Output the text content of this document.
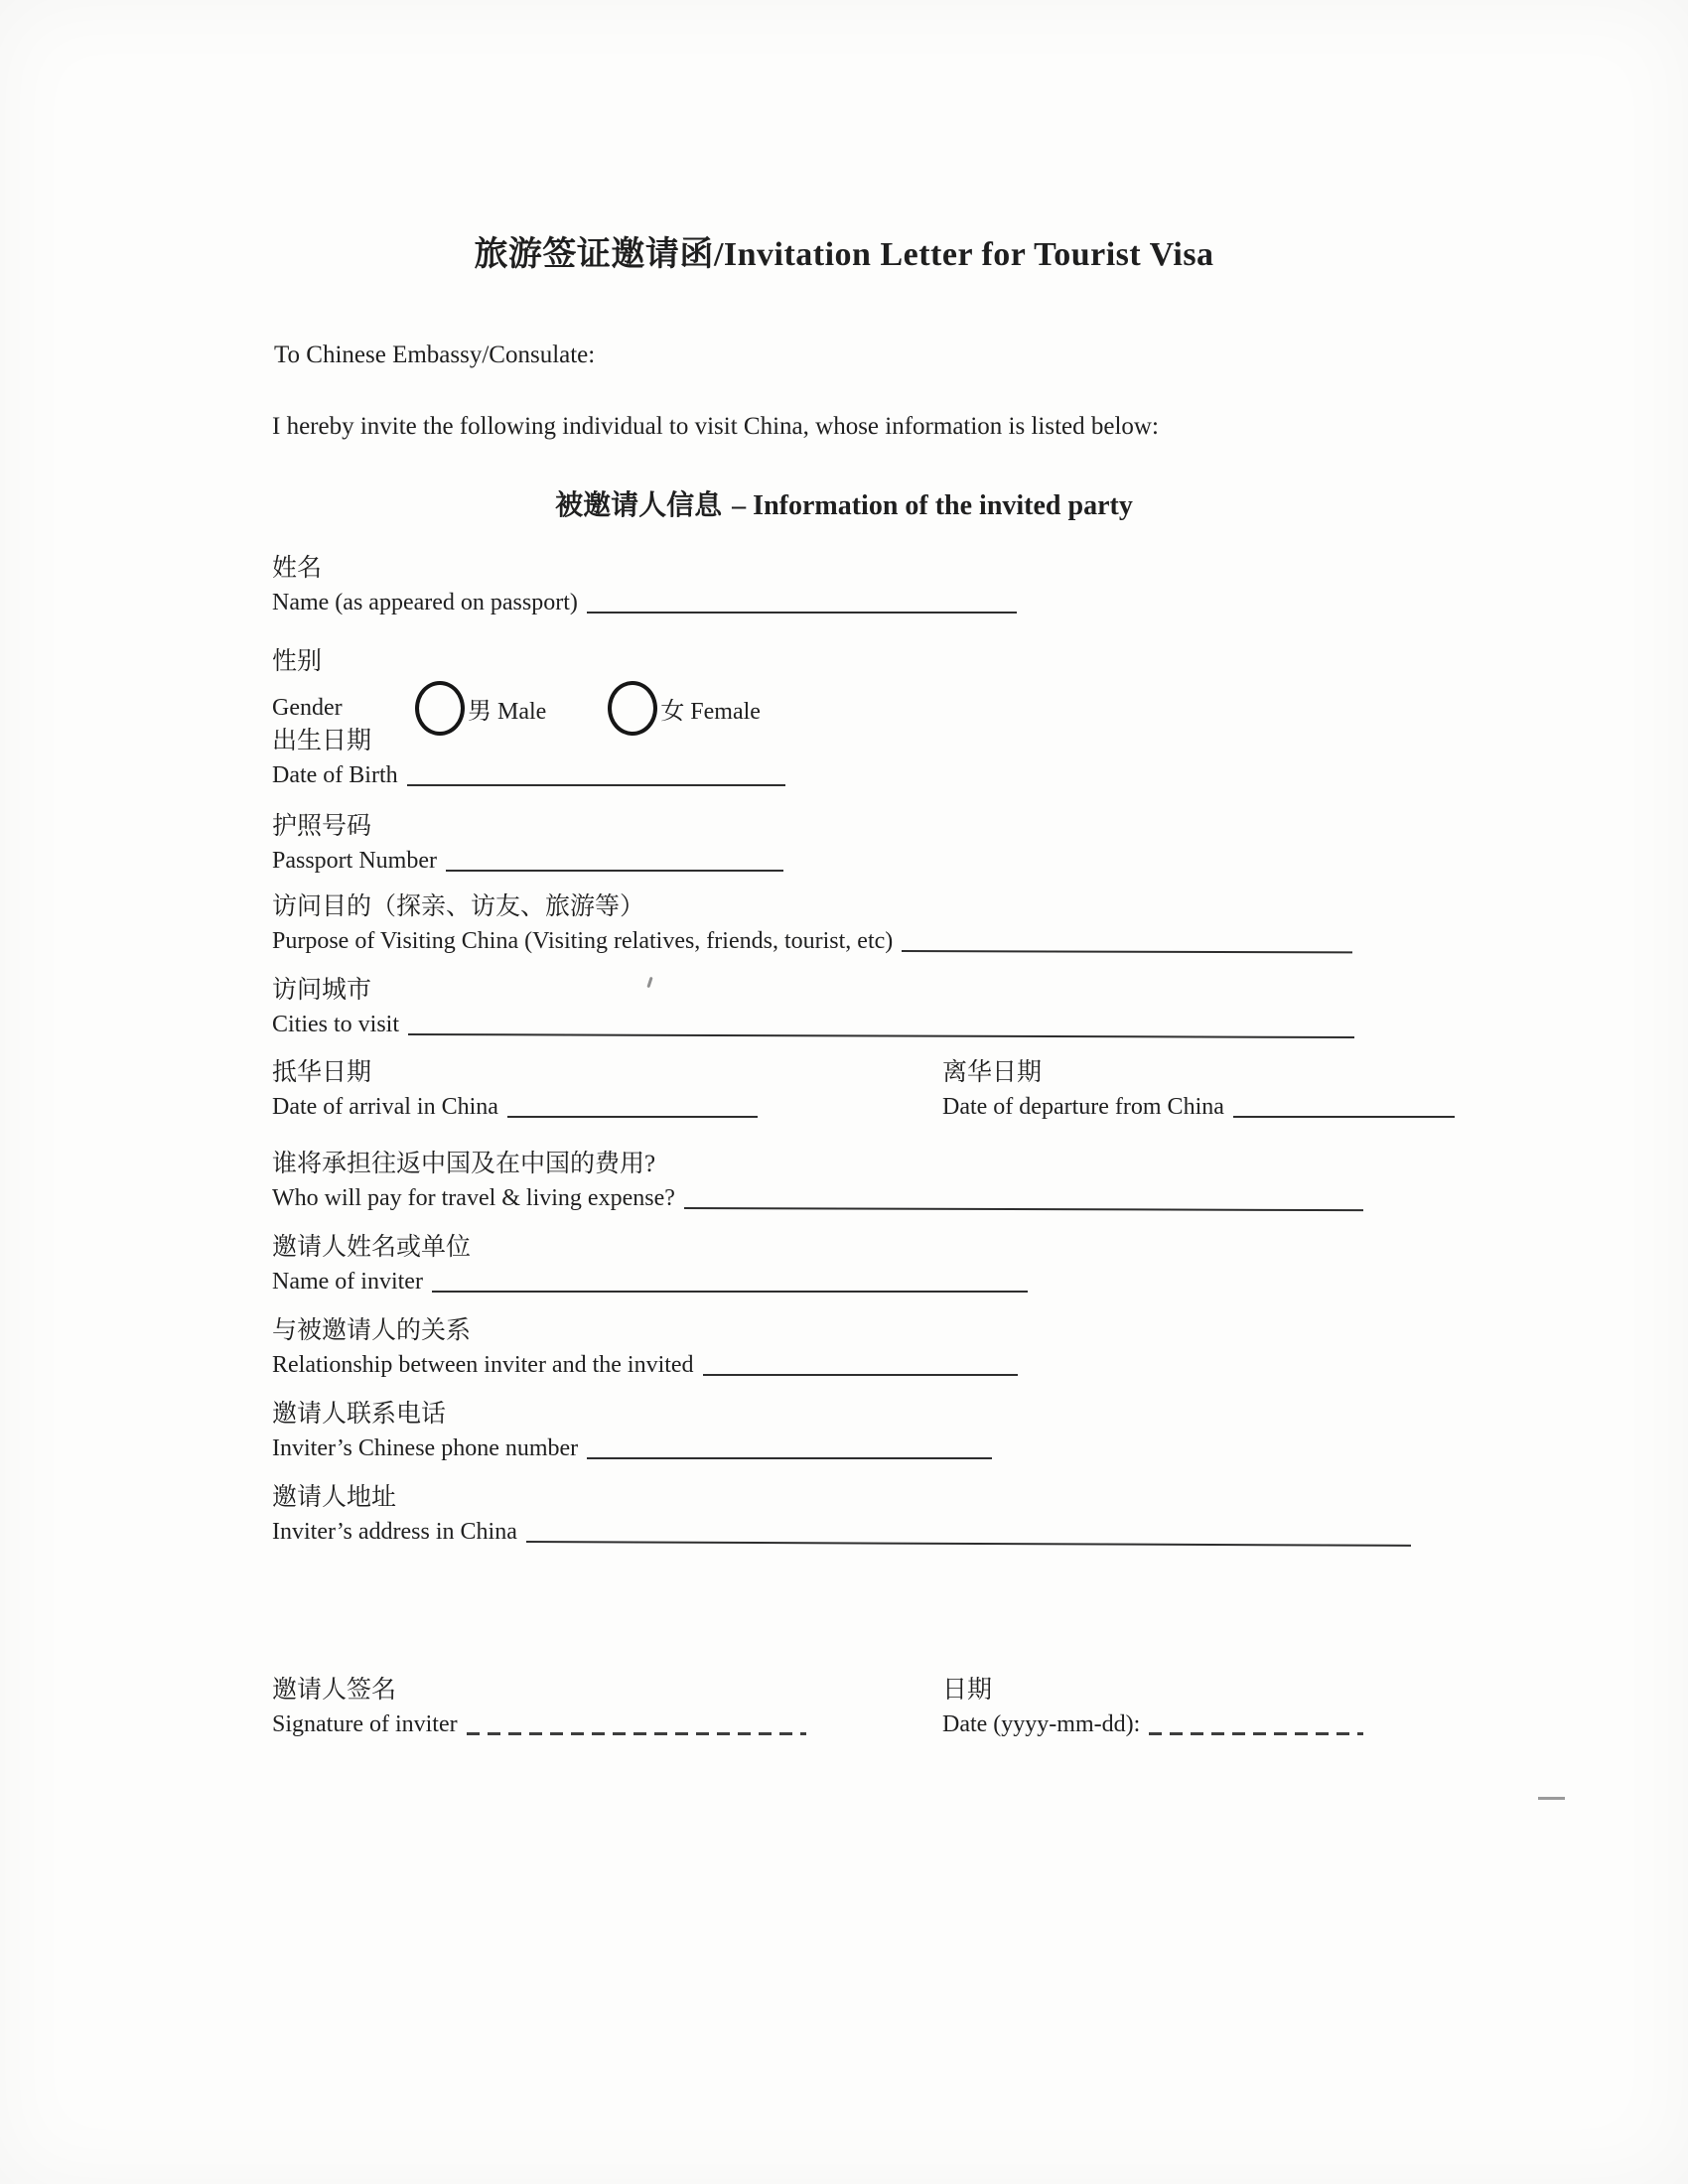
旅游签证邀请函/Invitation Letter for Tourist Visa
To Chinese Embassy/Consulate:
I hereby invite the following individual to visit China, whose information is listed below:
被邀请人信息 – Information of the invited party
姓名
Name (as appeared on passport)
性别
Gender	男 Male	女 Female
出生日期
Date of Birth
护照号码
Passport Number
访问目的（探亲、访友、旅游等）
Purpose of Visiting China (Visiting relatives, friends, tourist, etc)
访问城市
Cities to visit
抵华日期
Date of arrival in China
离华日期
Date of departure from China
谁将承担往返中国及在中国的费用?
Who will pay for travel & living expense?
邀请人姓名或单位
Name of inviter
与被邀请人的关系
Relationship between inviter and the invited
邀请人联系电话
Inviter’s Chinese phone number
邀请人地址
Inviter’s address in China
邀请人签名
Signature of inviter
日期
Date (yyyy-mm-dd):
